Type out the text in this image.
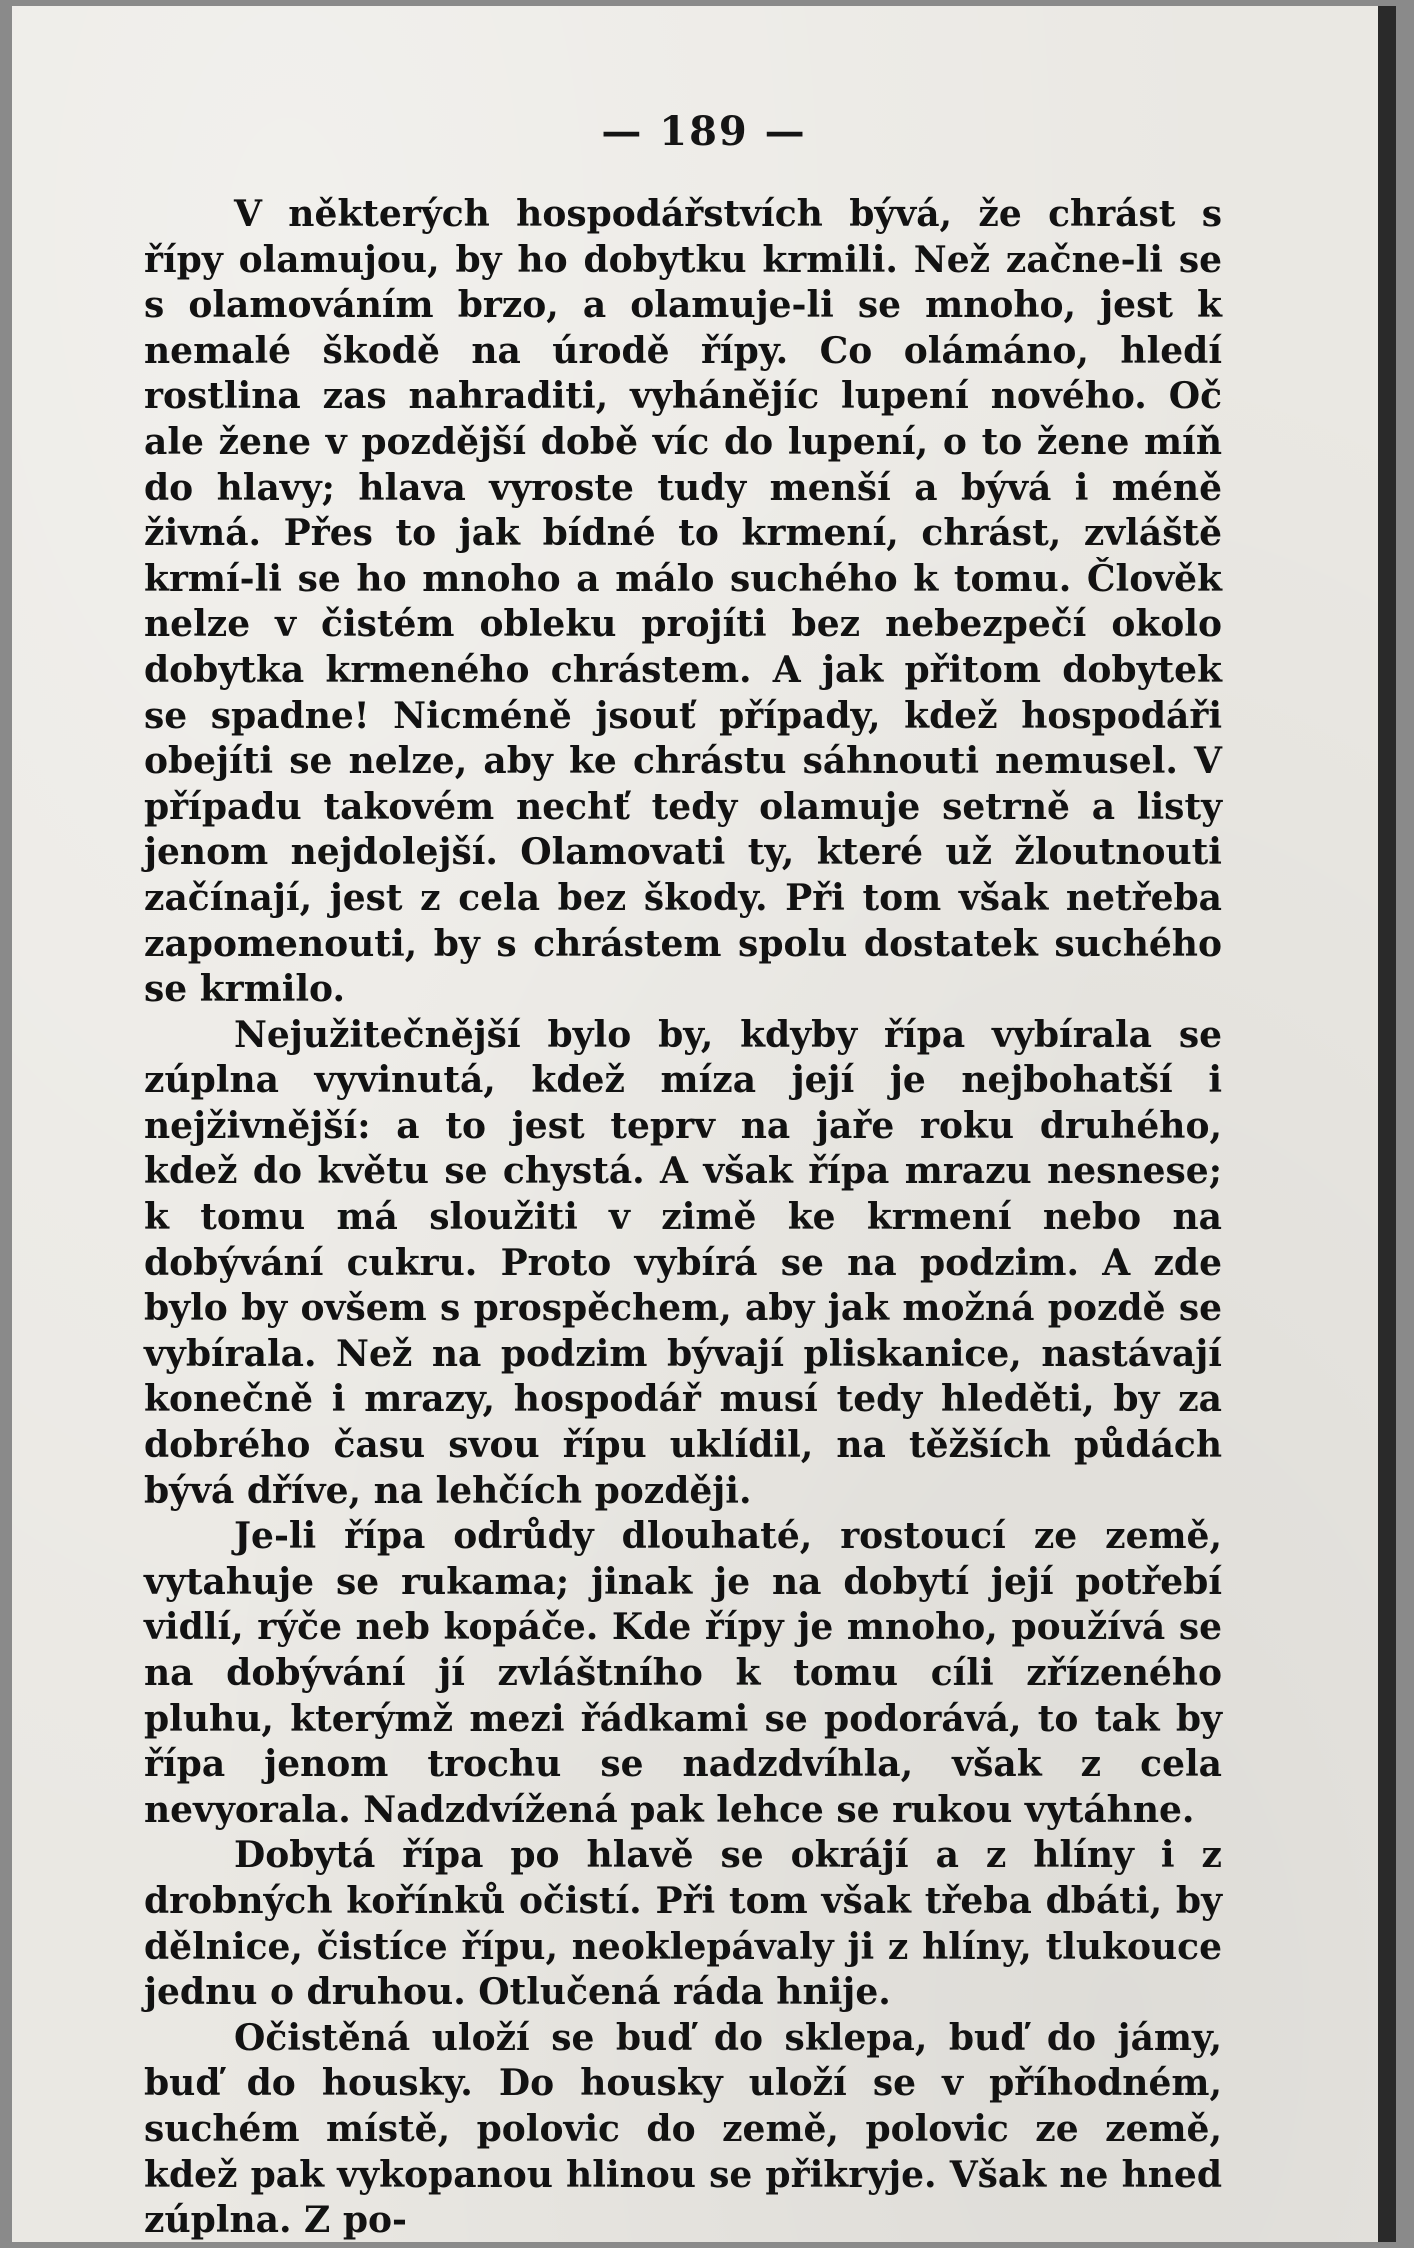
— 189 —

V některých hospodářstvích bývá, že chrást s řípy olamujou, by ho dobytku krmili. Než začne-li se s olamováním brzo, a olamuje-li se mnoho, jest k nemalé škodě na úrodě řípy. Co olámáno, hledí rostlina zas nahraditi, vyhánějíc lupení nového. Oč ale žene v pozdější době víc do lupení, o to žene míň do hlavy; hlava vyroste tudy menší a bývá i méně živná. Přes to jak bídné to krmení, chrást, zvláště krmí-li se ho mnoho a málo suchého k tomu. Člověk nelze v čistém obleku projíti bez nebezpečí okolo dobytka krmeného chrástem. A jak přitom dobytek se spadne! Nicméně jsouť případy, kdež hospodáři obejíti se nelze, aby ke chrástu sáhnouti nemusel. V případu takovém nechť tedy olamuje setrně a listy jenom nejdolejší. Olamovati ty, které už žloutnouti začínají, jest z cela bez škody. Při tom však netřeba zapomenouti, by s chrástem spolu dostatek suchého se krmilo.

Nejužitečnější bylo by, kdyby řípa vybírala se zúplna vyvinutá, kdež míza její je nejbohatší i nejživnější: a to jest teprv na jaře roku druhého, kdež do květu se chystá. A však řípa mrazu nesnese; k tomu má sloužiti v zimě ke krmení nebo na dobývání cukru. Proto vybírá se na podzim. A zde bylo by ovšem s prospěchem, aby jak možná pozdě se vybírala. Než na podzim bývají pliskanice, nastávají konečně i mrazy, hospodář musí tedy hleděti, by za dobrého času svou řípu uklídil, na těžších půdách bývá dříve, na lehčích později.

Je-li řípa odrůdy dlouhaté, rostoucí ze země, vytahuje se rukama; jinak je na dobytí její potřebí vidlí, rýče neb kopáče. Kde řípy je mnoho, používá se na dobývání jí zvláštního k tomu cíli zřízeného pluhu, kterýmž mezi řádkami se podorává, to tak by řípa jenom trochu se nadzdvíhla, však z cela nevyorala. Nadzdvížená pak lehce se rukou vytáhne.

Dobytá řípa po hlavě se okrájí a z hlíny i z drobných kořínků očistí. Při tom však třeba dbáti, by dělnice, čistíce řípu, neoklepávaly ji z hlíny, tlukouce jednu o druhou. Otlučená ráda hnije.

Očistěná uloží se buď do sklepa, buď do jámy, buď do housky. Do housky uloží se v příhodném, suchém místě, polovic do země, polovic ze země, kdež pak vykopanou hlinou se přikryje. Však ne hned zúplna. Z po-
